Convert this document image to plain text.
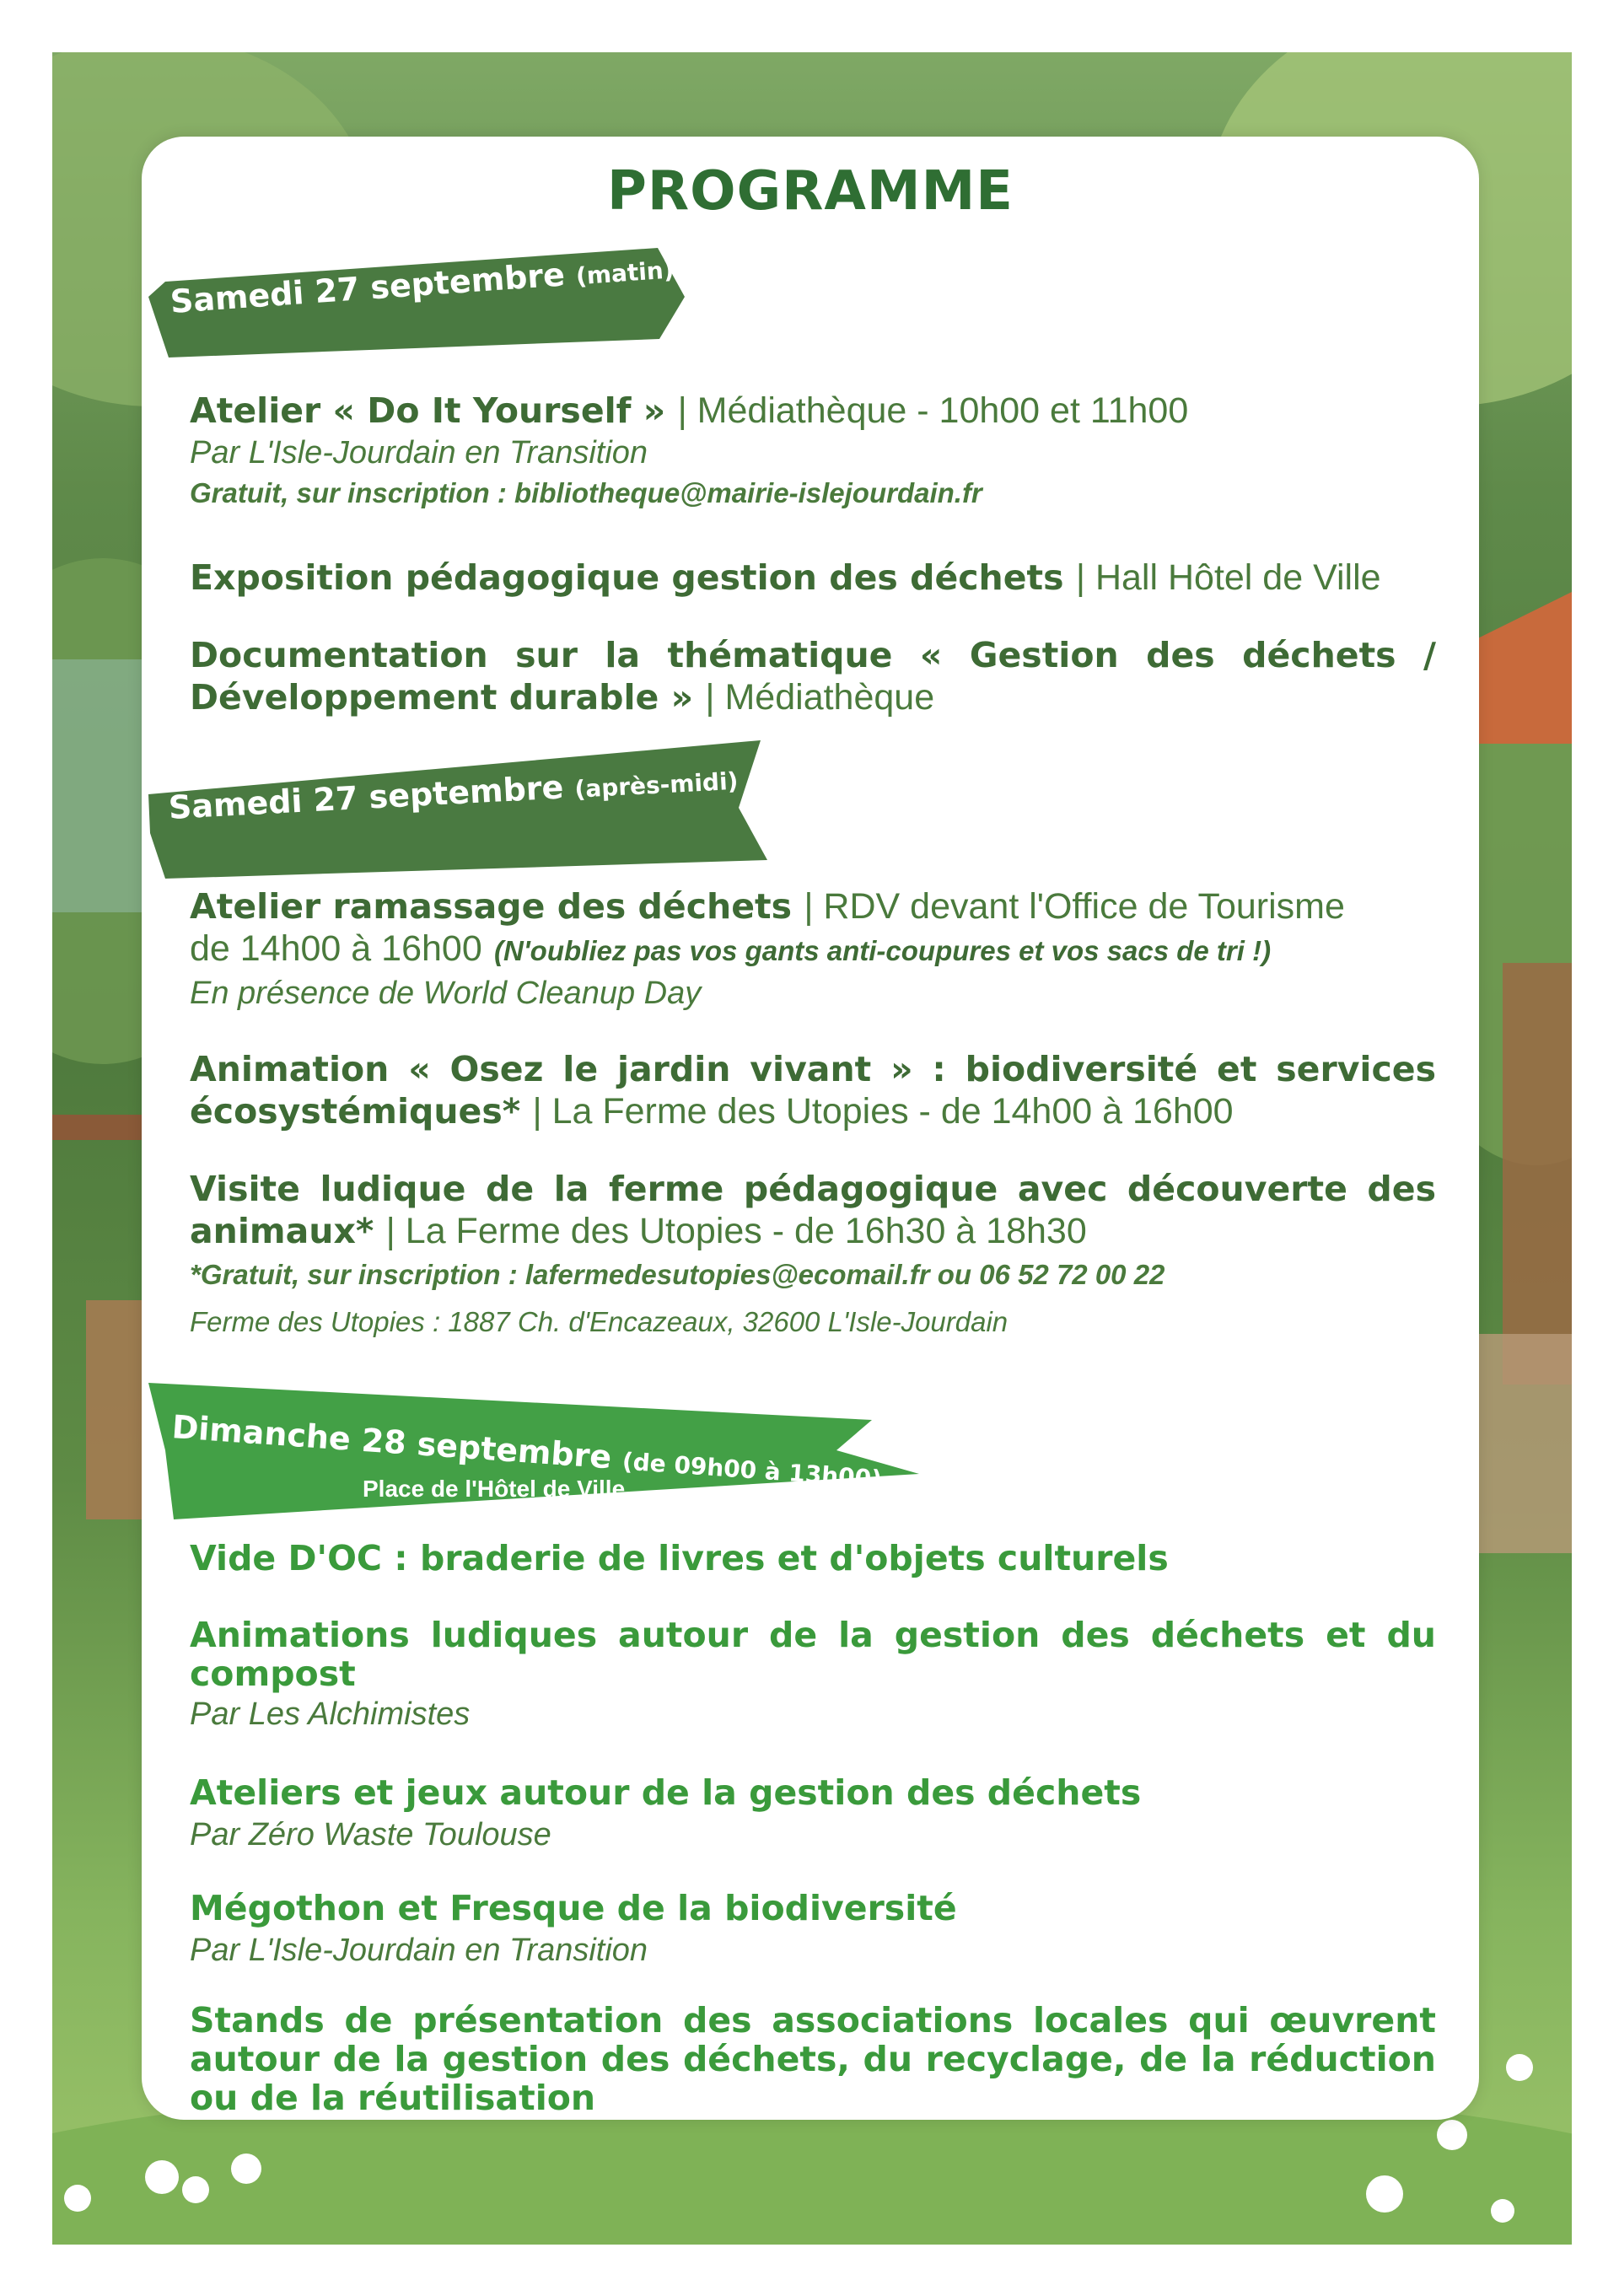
PROGRAMME
Samedi 27 septembre (matin)
Atelier « Do It Yourself » | Médiathèque - 10h00 et 11h00
Par L'Isle-Jourdain en Transition
Gratuit, sur inscription : bibliotheque@mairie-islejourdain.fr
Exposition pédagogique gestion des déchets | Hall Hôtel de Ville
Documentation sur la thématique « Gestion des déchets / Développement durable » | Médiathèque
Samedi 27 septembre (après-midi)
Atelier ramassage des déchets | RDV devant l'Office de Tourisme
de 14h00 à 16h00 (N'oubliez pas vos gants anti-coupures et vos sacs de tri !)
En présence de World Cleanup Day
Animation « Osez le jardin vivant » : biodiversité et services écosystémiques* | La Ferme des Utopies - de 14h00 à 16h00
Visite ludique de la ferme pédagogique avec découverte des animaux* | La Ferme des Utopies - de 16h30 à 18h30
*Gratuit, sur inscription : lafermedesutopies@ecomail.fr ou 06 52 72 00 22
Ferme des Utopies : 1887 Ch. d'Encazeaux, 32600 L'Isle-Jourdain
Dimanche 28 septembre (de 09h00 à 13h00)
Place de l'Hôtel de Ville
Vide D'OC : braderie de livres et d'objets culturels
Animations ludiques autour de la gestion des déchets et du compost
Par Les Alchimistes
Ateliers et jeux autour de la gestion des déchets
Par Zéro Waste Toulouse
Mégothon et Fresque de la biodiversité
Par L'Isle-Jourdain en Transition
Stands de présentation des associations locales qui œuvrent autour de la gestion des déchets, du recyclage, de la réduction ou de la réutilisation
